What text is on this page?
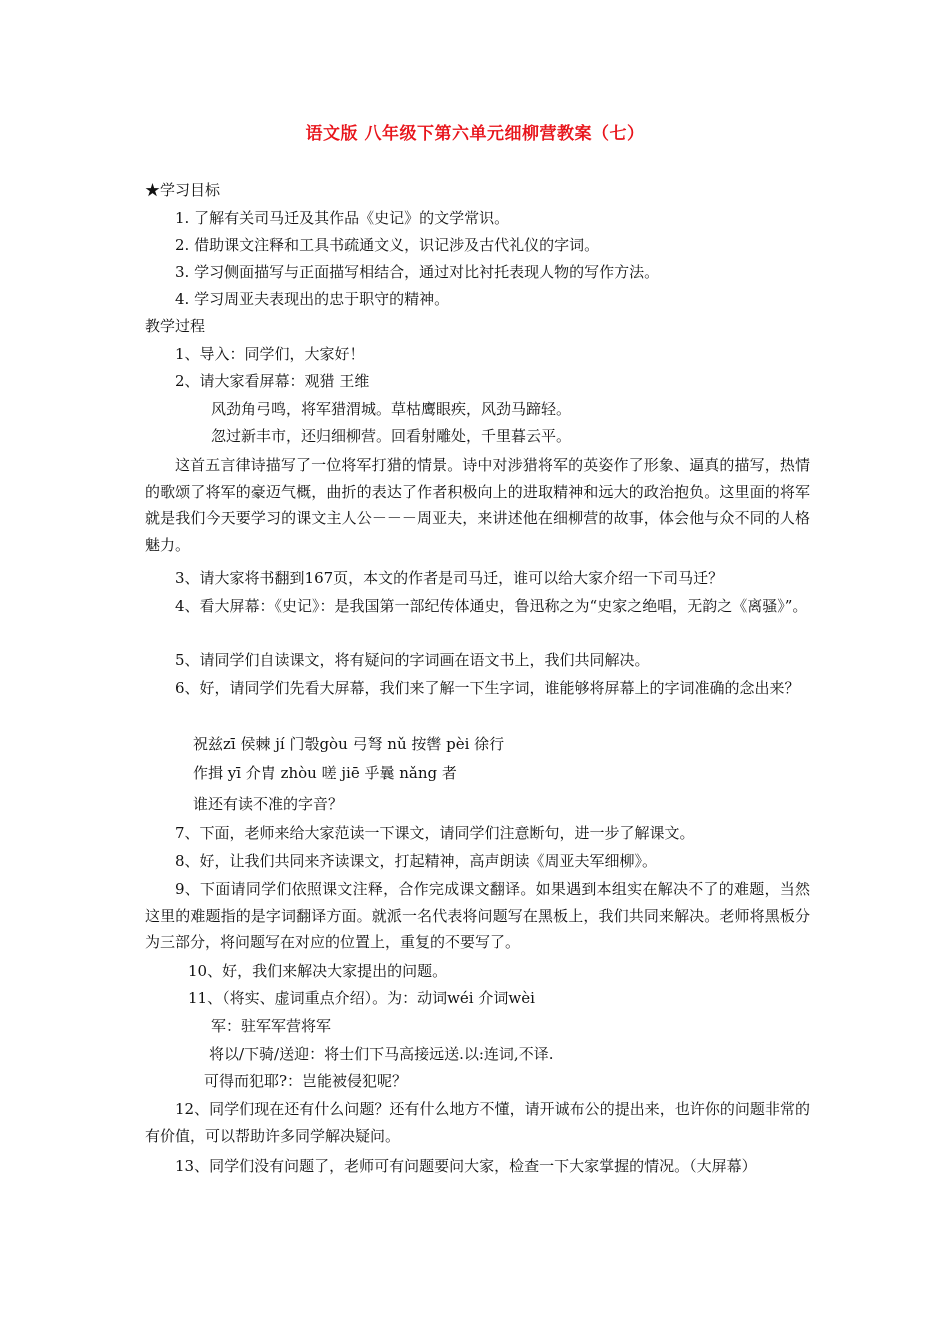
语文版 八年级下第六单元细柳营教案（七）
★学习目标
1. 了解有关司马迁及其作品《史记》的文学常识。
2. 借助课文注释和工具书疏通文义，识记涉及古代礼仪的字词。
3. 学习侧面描写与正面描写相结合，通过对比衬托表现人物的写作方法。
4. 学习周亚夫表现出的忠于职守的精神。
教学过程
1、导入：同学们，大家好！
2、请大家看屏幕：观猎 王维
风劲角弓鸣，将军猎渭城。草枯鹰眼疾，风劲马蹄轻。
忽过新丰市，还归细柳营。回看射雕处，千里暮云平。
这首五言律诗描写了一位将军打猎的情景。诗中对涉猎将军的英姿作了形象、逼真的描写，热情的歌颂了将军的豪迈气概，曲折的表达了作者积极向上的进取精神和远大的政治抱负。这里面的将军就是我们今天要学习的课文主人公－－－周亚夫，来讲述他在细柳营的故事，体会他与众不同的人格魅力。
3、请大家将书翻到167页，本文的作者是司马迁，谁可以给大家介绍一下司马迁？
4、看大屏幕：《史记》：是我国第一部纪传体通史，鲁迅称之为“史家之绝唱，无韵之《离骚》”。
5、请同学们自读课文，将有疑问的字词画在语文书上，我们共同解决。
6、好，请同学们先看大屏幕，我们来了解一下生字词，谁能够将屏幕上的字词准确的念出来？
祝兹zī 侯棘 jí 门彀gòu 弓弩 nǔ 按辔 pèi 徐行
作揖 yī 介胄 zhòu 嗟 jiē 乎曩 nǎng 者
谁还有读不准的字音？
7、下面，老师来给大家范读一下课文，请同学们注意断句，进一步了解课文。
8、好，让我们共同来齐读课文，打起精神，高声朗读《周亚夫军细柳》。
9、下面请同学们依照课文注释，合作完成课文翻译。如果遇到本组实在解决不了的难题，当然这里的难题指的是字词翻译方面。就派一名代表将问题写在黑板上，我们共同来解决。老师将黑板分为三部分，将问题写在对应的位置上，重复的不要写了。
10、好，我们来解决大家提出的问题。
11、（将实、虚词重点介绍）。为：动词wéi 介词wèi
军：驻军军营将军
将以/下骑/送迎：将士们下马高接远送.以:连词,不译.
可得而犯耶?：岂能被侵犯呢？
12、同学们现在还有什么问题？还有什么地方不懂，请开诚布公的提出来，也许你的问题非常的有价值，可以帮助许多同学解决疑问。
13、同学们没有问题了，老师可有问题要问大家，检查一下大家掌握的情况。（大屏幕）
